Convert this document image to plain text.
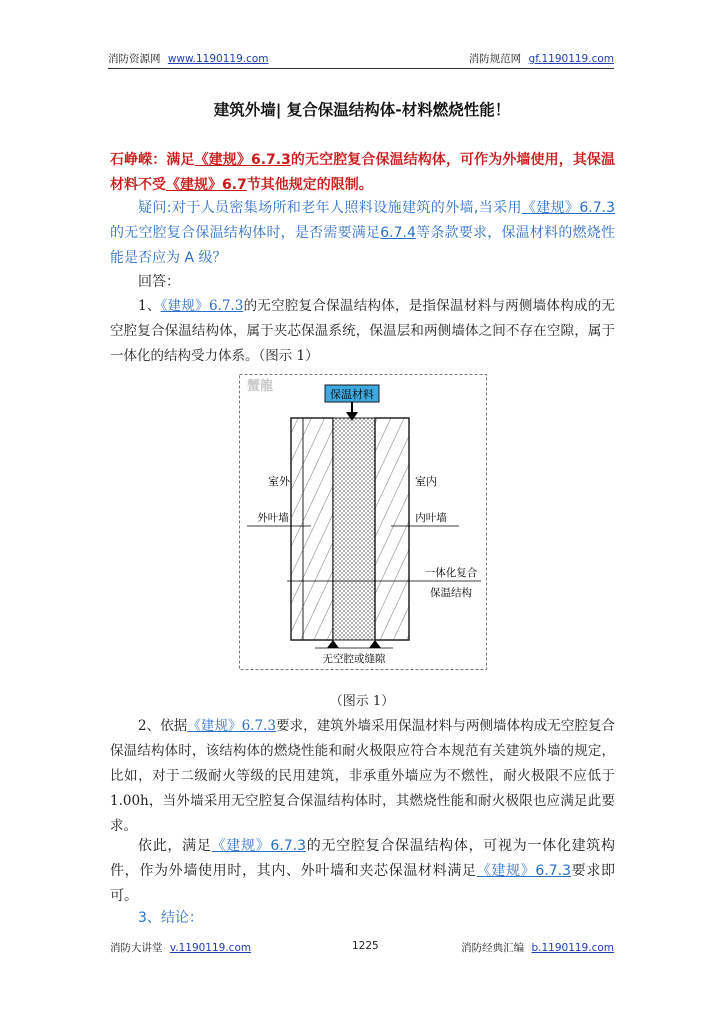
消防资源网 www.1190119.com	消防规范网 gf.1190119.com
建筑外墙| 复合保温结构体-材料燃烧性能！
石峥嵘：满足《建规》6.7.3的无空腔复合保温结构体，可作为外墙使用，其保温材料不受《建规》6.7节其他规定的限制。
疑问:对于人员密集场所和老年人照料设施建筑的外墙,当采用《建规》6.7.3的无空腔复合保温结构体时，是否需要满足6.7.4等条款要求，保温材料的燃烧性能是否应为 A 级？
回答：
1、《建规》6.7.3的无空腔复合保温结构体，是指保温材料与两侧墙体构成的无空腔复合保温结构体，属于夹芯保温系统，保温层和两侧墙体之间不存在空隙，属于一体化的结构受力体系。（图示 1）
蟹龍
保温材料
室外	室内
外叶墙	内叶墙
一体化复合
保温结构
无空腔或缝隙
（图示 1）
2、依据《建规》6.7.3要求，建筑外墙采用保温材料与两侧墙体构成无空腔复合保温结构体时，该结构体的燃烧性能和耐火极限应符合本规范有关建筑外墙的规定，比如，对于二级耐火等级的民用建筑，非承重外墙应为不燃性，耐火极限不应低于 1.00h，当外墙采用无空腔复合保温结构体时，其燃烧性能和耐火极限也应满足此要求。
依此，满足《建规》6.7.3的无空腔复合保温结构体，可视为一体化建筑构件，作为外墙使用时，其内、外叶墙和夹芯保温材料满足《建规》6.7.3要求即可。
3、结论：
消防大讲堂 v.1190119.com	1225	消防经典汇编 b.1190119.com
